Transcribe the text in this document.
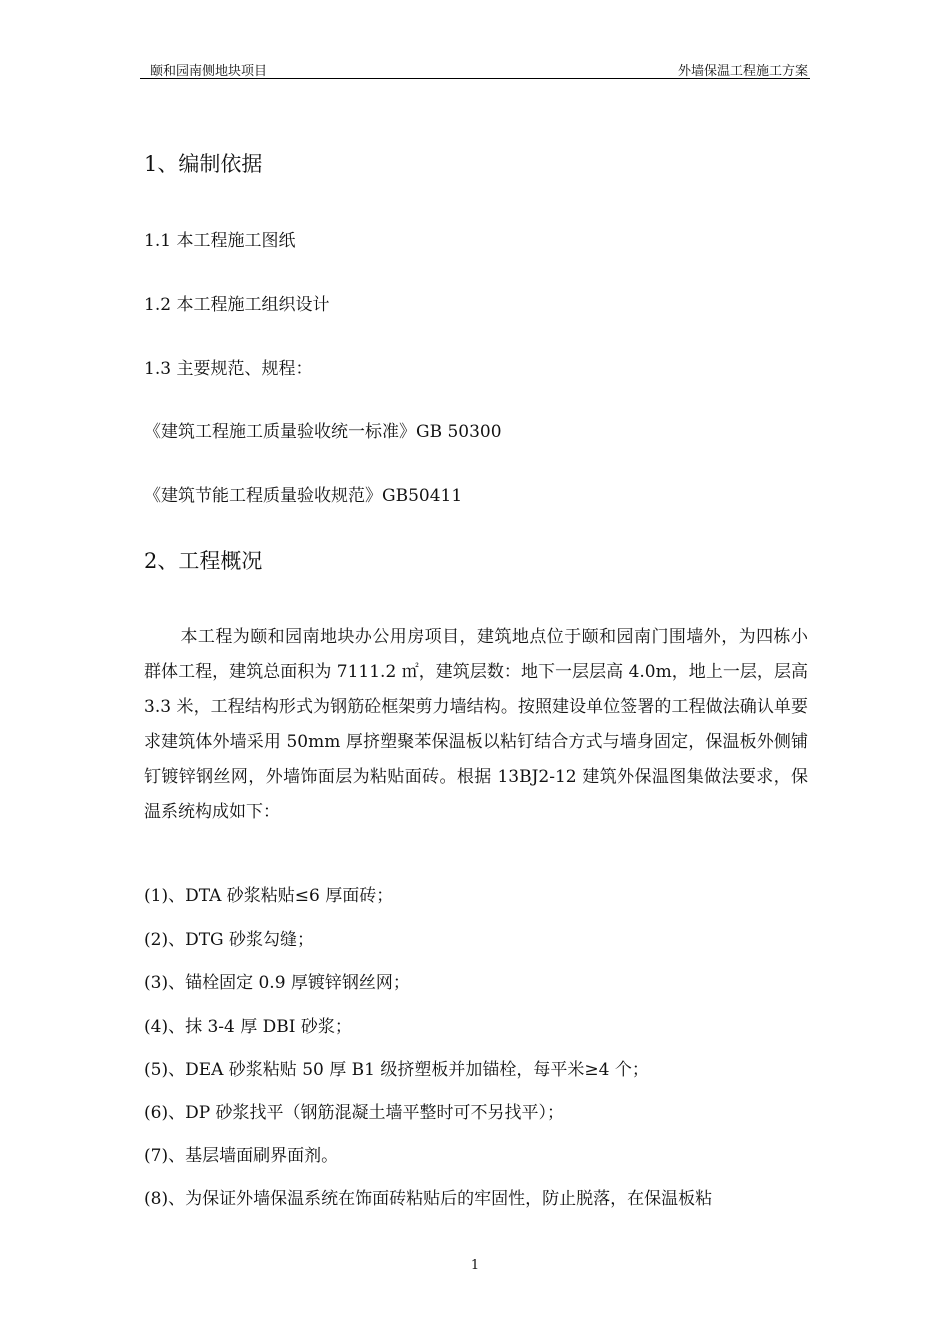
颐和园南侧地块项目	外墙保温工程施工方案
1、编制依据
1.1 本工程施工图纸
1.2 本工程施工组织设计
1.3 主要规范、规程：
《建筑工程施工质量验收统一标准》GB 50300
《建筑节能工程质量验收规范》GB50411
2、工程概况

本工程为颐和园南地块办公用房项目，建筑地点位于颐和园南门围墙外，为四栋小群体工程，建筑总面积为 7111.2 ㎡，建筑层数：地下一层层高 4.0m，地上一层，层高 3.3 米，工程结构形式为钢筋砼框架剪力墙结构。按照建设单位签署的工程做法确认单要求建筑体外墙采用 50mm 厚挤塑聚苯保温板以粘钉结合方式与墙身固定，保温板外侧铺钉镀锌钢丝网，外墙饰面层为粘贴面砖。根据 13BJ2-12 建筑外保温图集做法要求，保温系统构成如下：

(1)、DTA 砂浆粘贴≤6 厚面砖；
(2)、DTG 砂浆勾缝；
(3)、锚栓固定 0.9 厚镀锌钢丝网；
(4)、抹 3-4 厚 DBI 砂浆；
(5)、DEA 砂浆粘贴 50 厚 B1 级挤塑板并加锚栓，每平米≥4 个；
(6)、DP 砂浆找平（钢筋混凝土墙平整时可不另找平）；
(7)、基层墙面刷界面剂。
(8)、为保证外墙保温系统在饰面砖粘贴后的牢固性，防止脱落，在保温板粘
1
